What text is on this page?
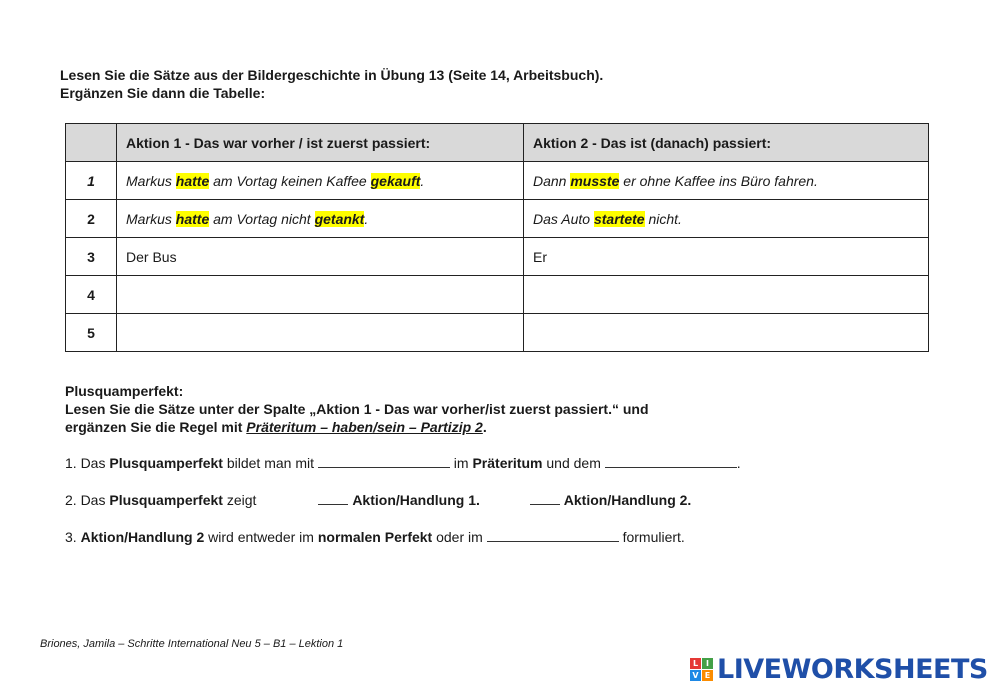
Lesen Sie die Sätze aus der Bildergeschichte in Übung 13 (Seite 14, Arbeitsbuch).
Ergänzen Sie dann die Tabelle:
	Aktion 1 - Das war vorher / ist zuerst passiert:	Aktion 2 - Das ist (danach) passiert:
1	Markus hatte am Vortag keinen Kaffee gekauft.	Dann musste er ohne Kaffee ins Büro fahren.
2	Markus hatte am Vortag nicht getankt.	Das Auto startete nicht.
3	Der Bus	Er
4		
5		
Plusquamperfekt:
Lesen Sie die Sätze unter der Spalte „Aktion 1 - Das war vorher/ist zuerst passiert.“ und
ergänzen Sie die Regel mit Präteritum – haben/sein – Partizip 2.
1. Das Plusquamperfekt bildet man mit	im Präteritum und dem	.
2. Das Plusquamperfekt zeigt	Aktion/Handlung 1.	Aktion/Handlung 2.
3. Aktion/Handlung 2 wird entweder im normalen Perfekt oder im	formuliert.
Briones, Jamila – Schritte International Neu 5 – B1 – Lektion 1
L I
V E LIVEWORKSHEETS
